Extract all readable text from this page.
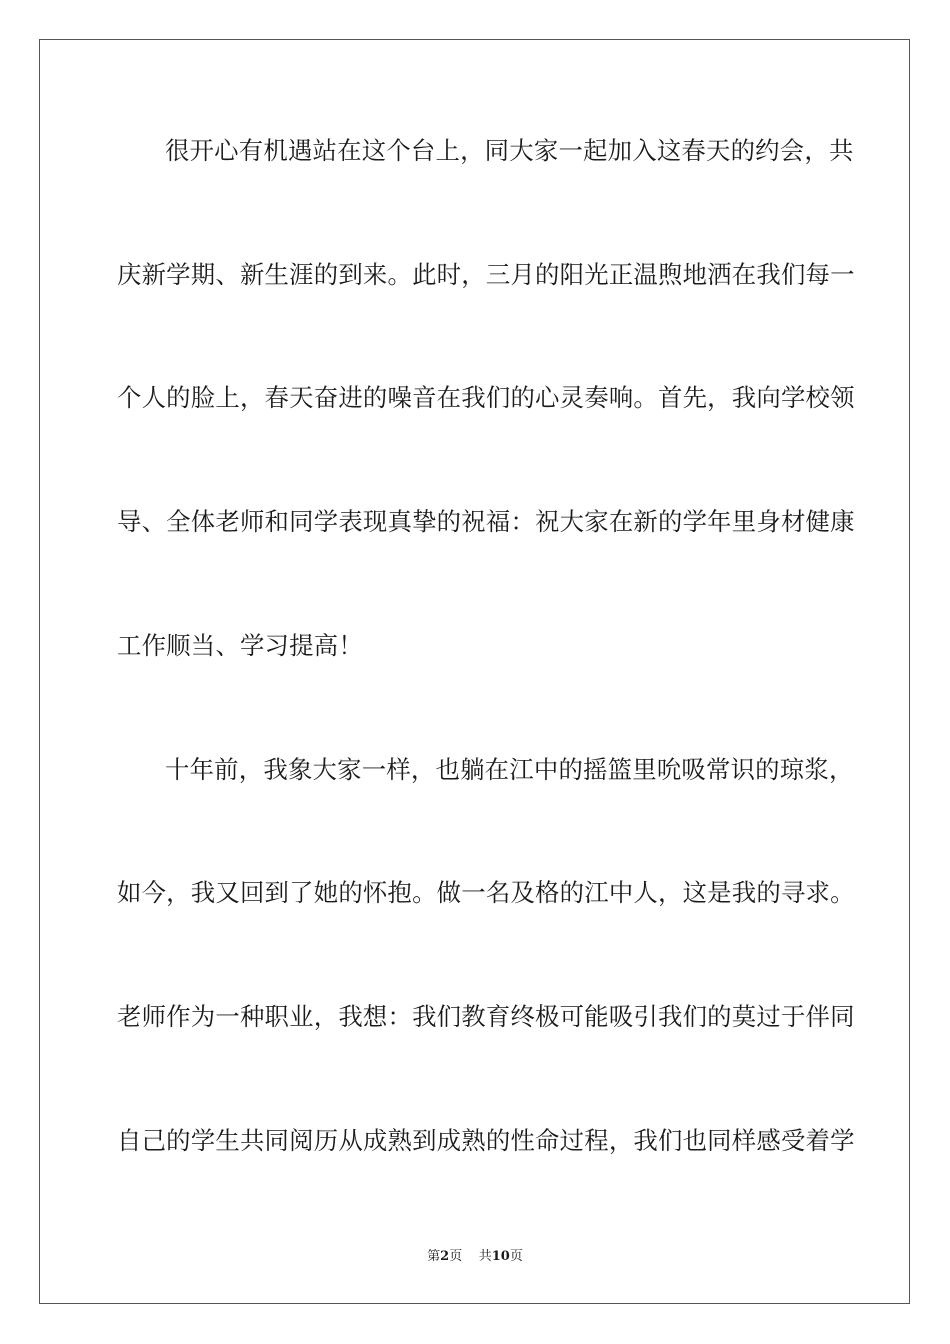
很开心有机遇站在这个台上，同大家一起加入这春天的约会，共
庆新学期、新生涯的到来。此时，三月的阳光正温煦地洒在我们每一
个人的脸上，春天奋进的噪音在我们的心灵奏响。首先，我向学校领
导、全体老师和同学表现真挚的祝福：祝大家在新的学年里身材健康
工作顺当、学习提高！
十年前，我象大家一样，也躺在江中的摇篮里吮吸常识的琼浆，
如今，我又回到了她的怀抱。做一名及格的江中人，这是我的寻求。
老师作为一种职业，我想：我们教育终极可能吸引我们的莫过于伴同
自己的学生共同阅历从成熟到成熟的性命过程，我们也同样感受着学
第2页 共10页
